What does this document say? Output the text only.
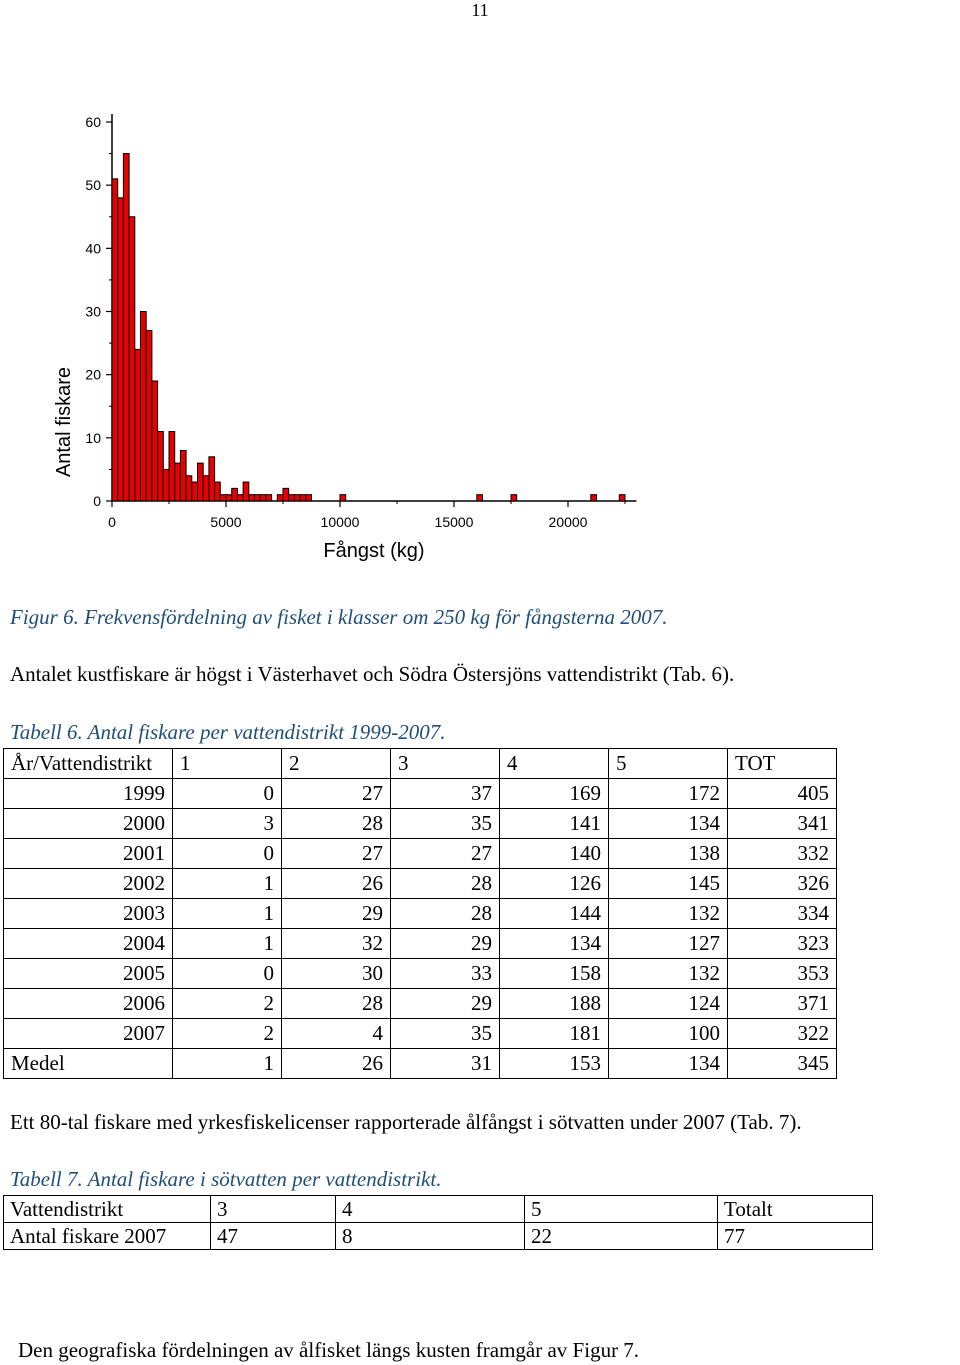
11
0
10
20
30
40
50
60
0	5000	10000	15000	20000
Antal fiskare
Fångst (kg)
Figur 6. Frekvensfördelning av fisket i klasser om 250 kg för fångsterna 2007.
Antalet kustfiskare är högst i Västerhavet och Södra Östersjöns vattendistrikt (Tab. 6).
Tabell 6. Antal fiskare per vattendistrikt 1999-2007.
År/Vattendistrikt	1	2	3	4	5	TOT
1999	0	27	37	169	172	405
2000	3	28	35	141	134	341
2001	0	27	27	140	138	332
2002	1	26	28	126	145	326
2003	1	29	28	144	132	334
2004	1	32	29	134	127	323
2005	0	30	33	158	132	353
2006	2	28	29	188	124	371
2007	2	4	35	181	100	322
Medel	1	26	31	153	134	345
Ett 80-tal fiskare med yrkesfiskelicenser rapporterade ålfångst i sötvatten under 2007 (Tab. 7).
Tabell 7. Antal fiskare i sötvatten per vattendistrikt.
Vattendistrikt	3	4	5	Totalt
Antal fiskare 2007	47	8	22	77
Den geografiska fördelningen av ålfisket längs kusten framgår av Figur 7.
